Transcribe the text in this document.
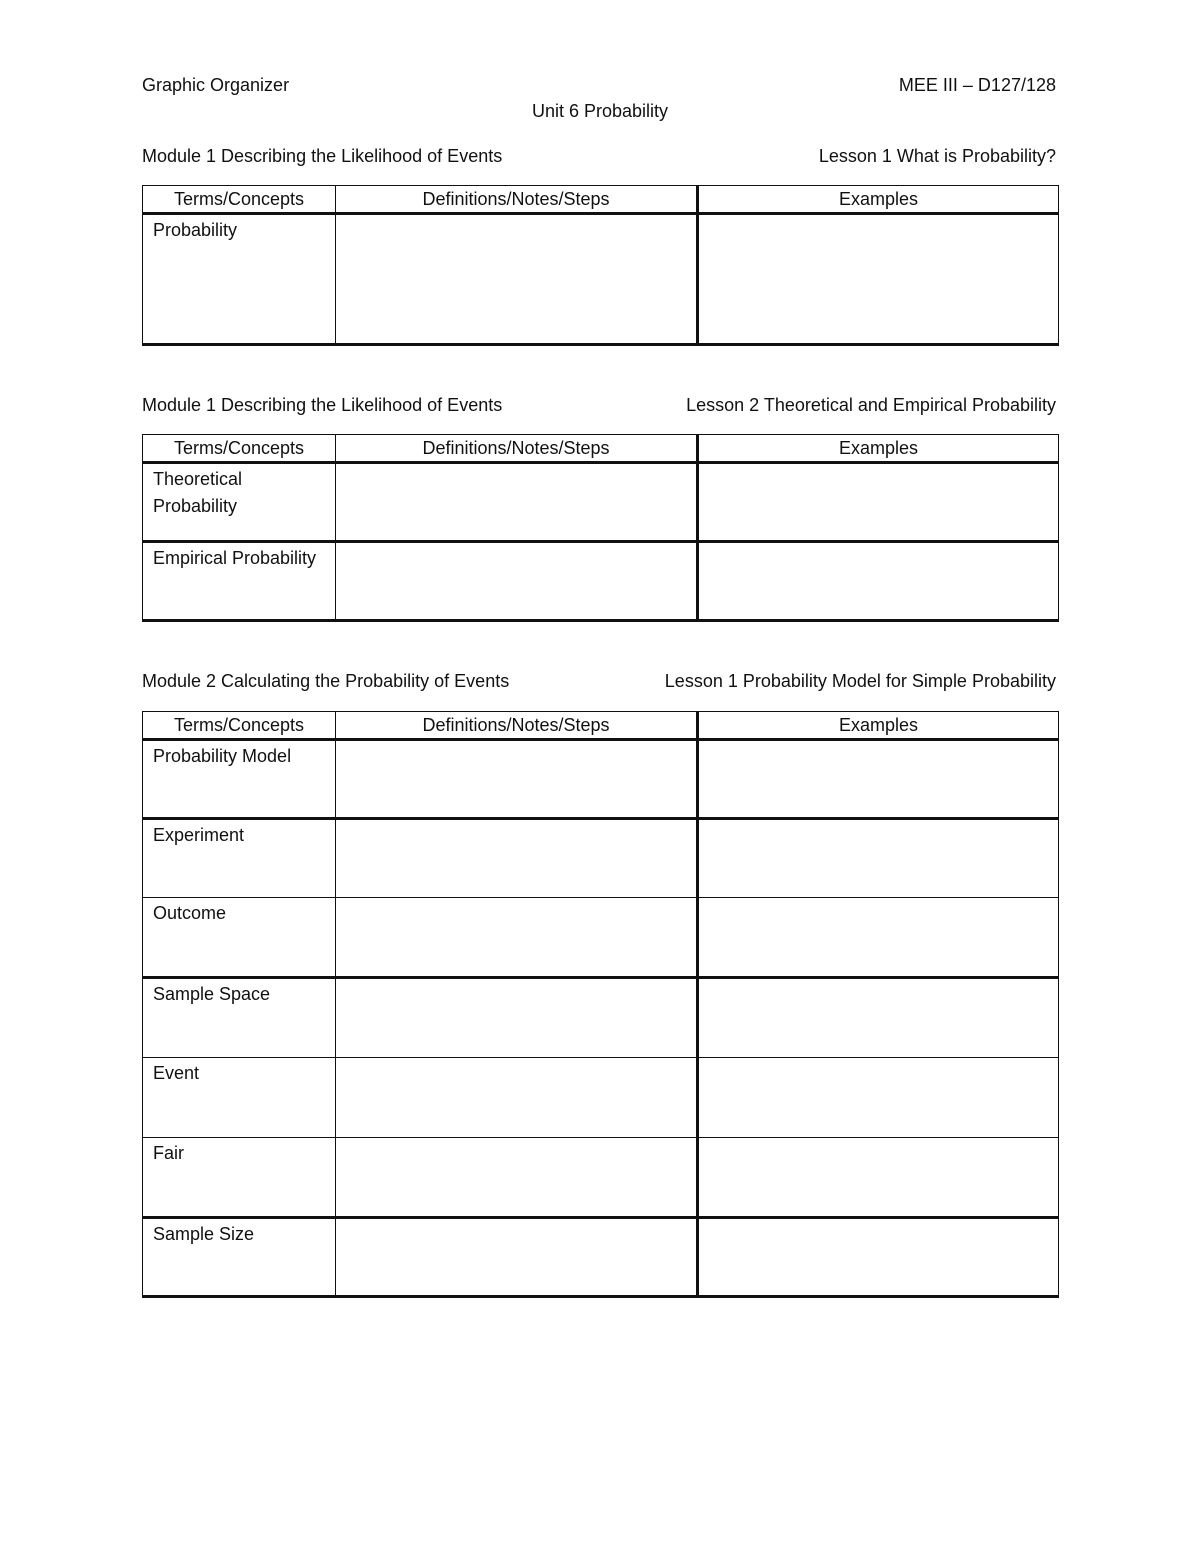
Graphic Organizer	MEE III – D127/128
Unit 6 Probability
Module 1 Describing the Likelihood of Events	Lesson 1 What is Probability?
Terms/Concepts	Definitions/Notes/Steps	Examples
Probability		
Module 1 Describing the Likelihood of Events	Lesson 2 Theoretical and Empirical Probability
Terms/Concepts	Definitions/Notes/Steps	Examples
Theoretical Probability		
Empirical Probability		
Module 2 Calculating the Probability of Events	Lesson 1 Probability Model for Simple Probability
Terms/Concepts	Definitions/Notes/Steps	Examples
Probability Model		
Experiment		
Outcome		
Sample Space		
Event		
Fair		
Sample Size		
